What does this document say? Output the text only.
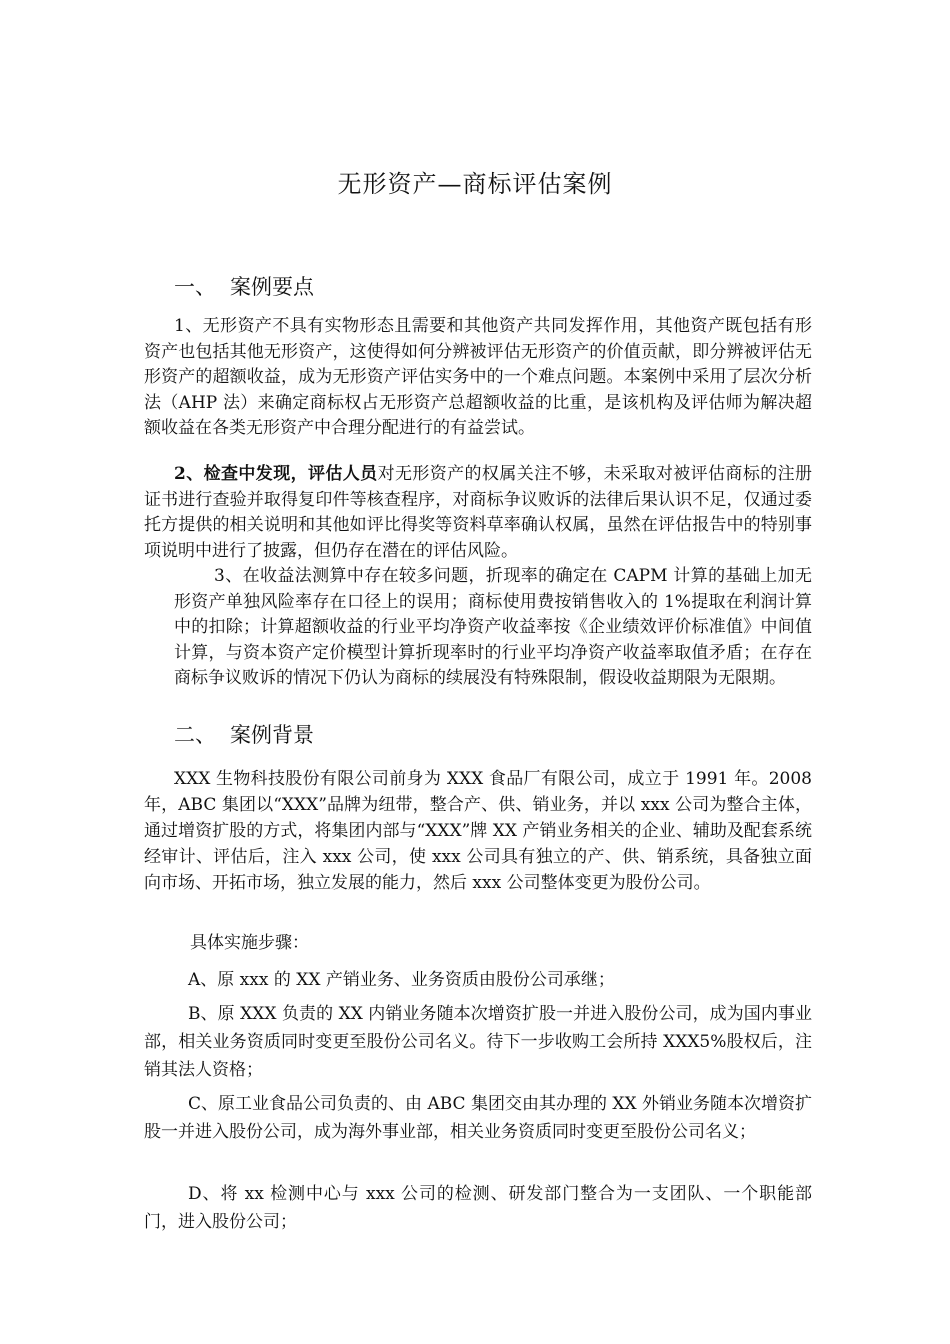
无形资产—商标评估案例
一、 案例要点
1、无形资产不具有实物形态且需要和其他资产共同发挥作用，其他资产既包括有形资产也包括其他无形资产，这使得如何分辨被评估无形资产的价值贡献，即分辨被评估无形资产的超额收益，成为无形资产评估实务中的一个难点问题。本案例中采用了层次分析法（AHP 法）来确定商标权占无形资产总超额收益的比重，是该机构及评估师为解决超额收益在各类无形资产中合理分配进行的有益尝试。
2、检查中发现，评估人员对无形资产的权属关注不够，未采取对被评估商标的注册证书进行查验并取得复印件等核查程序，对商标争议败诉的法律后果认识不足，仅通过委托方提供的相关说明和其他如评比得奖等资料草率确认权属，虽然在评估报告中的特别事项说明中进行了披露，但仍存在潜在的评估风险。
3、在收益法测算中存在较多问题，折现率的确定在 CAPM 计算的基础上加无形资产单独风险率存在口径上的误用；商标使用费按销售收入的 1%提取在利润计算中的扣除；计算超额收益的行业平均净资产收益率按《企业绩效评价标准值》中间值计算，与资本资产定价模型计算折现率时的行业平均净资产收益率取值矛盾；在存在商标争议败诉的情况下仍认为商标的续展没有特殊限制，假设收益期限为无限期。
二、 案例背景
XXX 生物科技股份有限公司前身为 XXX 食品厂有限公司，成立于 1991 年。2008 年，ABC 集团以“XXX”品牌为纽带，整合产、供、销业务，并以 xxx 公司为整合主体，通过增资扩股的方式，将集团内部与“XXX”牌 XX 产销业务相关的企业、辅助及配套系统经审计、评估后，注入 xxx 公司，使 xxx 公司具有独立的产、供、销系统，具备独立面向市场、开拓市场，独立发展的能力，然后 xxx 公司整体变更为股份公司。
具体实施步骤：
A、原 xxx 的 XX 产销业务、业务资质由股份公司承继；
B、原 XXX 负责的 XX 内销业务随本次增资扩股一并进入股份公司，成为国内事业部，相关业务资质同时变更至股份公司名义。待下一步收购工会所持 XXX5%股权后，注销其法人资格；
C、原工业食品公司负责的、由 ABC 集团交由其办理的 XX 外销业务随本次增资扩股一并进入股份公司，成为海外事业部，相关业务资质同时变更至股份公司名义；
D、将 xx 检测中心与 xxx 公司的检测、研发部门整合为一支团队、一个职能部门，进入股份公司；
